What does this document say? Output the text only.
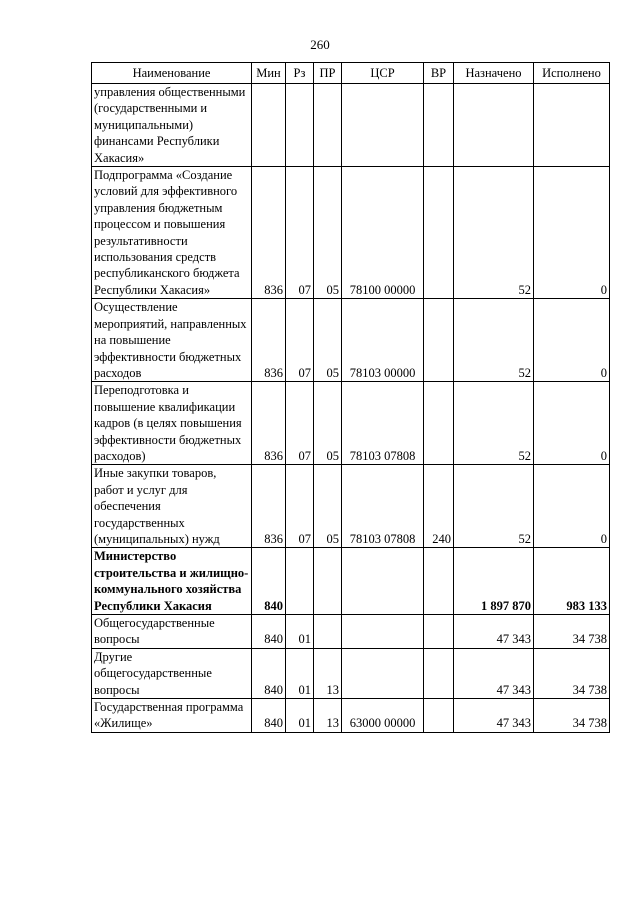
260
Наименование	Мин	Рз	ПР	ЦСР	ВР	Назначено	Исполнено
управления общественными (государственными и муниципальными) финансами Республики Хакасия»							
Подпрограмма «Создание условий для эффективного управления бюджетным процессом и повышения результативности использования средств республиканского бюджета Республики Хакасия»	836	07	05	78100 00000		52	0
Осуществление мероприятий, направленных на повышение эффективности бюджетных расходов	836	07	05	78103 00000		52	0
Переподготовка и повышение квалификации кадров (в целях повышения эффективности бюджетных расходов)	836	07	05	78103 07808		52	0
Иные закупки товаров, работ и услуг для обеспечения государственных (муниципальных) нужд	836	07	05	78103 07808	240	52	0
Министерство строительства и жилищно-коммунального хозяйства Республики Хакасия	840					1 897 870	983 133
Общегосударственные вопросы	840	01				47 343	34 738
Другие общегосударственные вопросы	840	01	13			47 343	34 738
Государственная программа «Жилище»	840	01	13	63000 00000		47 343	34 738
